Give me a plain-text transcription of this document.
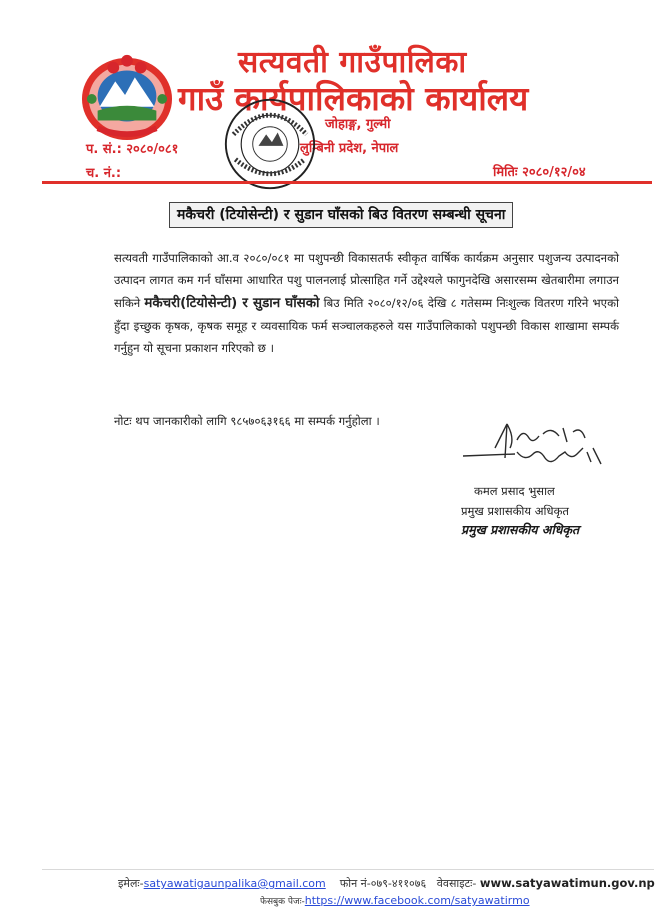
सत्यवती गाउँपालिका
गाउँ कार्यपालिकाको कार्यालय
जोहाङ्ग, गुल्मी
लुम्बिनी प्रदेश, नेपाल
प. सं.: २०८०/०८१
च. नं.:	मितिः २०८०/१२/०४
मकैचरी (टियोसेन्टी) र सुडान घाँसको बिउ वितरण सम्बन्धी सूचना
सत्यवती गाउँपालिकाको आ.व २०८०/०८१ मा पशुपन्छी विकासतर्फ स्वीकृत वार्षिक कार्यक्रम अनुसार पशुजन्य उत्पादनको उत्पादन लागत कम गर्न घाँसमा आधारित पशु पालनलाई प्रोत्साहित गर्ने उद्देश्यले फागुनदेखि असारसम्म खेतबारीमा लगाउन सकिने मकैचरी(टियोसेन्टी) र सुडान घाँसको बिउ मिति २०८०/१२/०६ देखि ८ गतेसम्म निःशुल्क वितरण गरिने भएको हुँदा इच्छुक कृषक, कृषक समूह र व्यवसायिक फर्म सञ्चालकहरुले यस गाउँपालिकाको पशुपन्छी विकास शाखामा सम्पर्क गर्नुहुन यो सूचना प्रकाशन गरिएको छ ।
नोटः थप जानकारीको लागि ९८५७०६३१६६ मा सम्पर्क गर्नुहोला ।
कमल प्रसाद भुसाल
प्रमुख प्रशासकीय अधिकृत
प्रमुख प्रशासकीय अधिकृत
इमेलः-satyawatigaunpalika@gmail.com फोन नं-०७९-४११०७६ वेवसाइटः- www.satyawatimun.gov.np
फेसबुक पेजः-https://www.facebook.com/satyawatirmo
